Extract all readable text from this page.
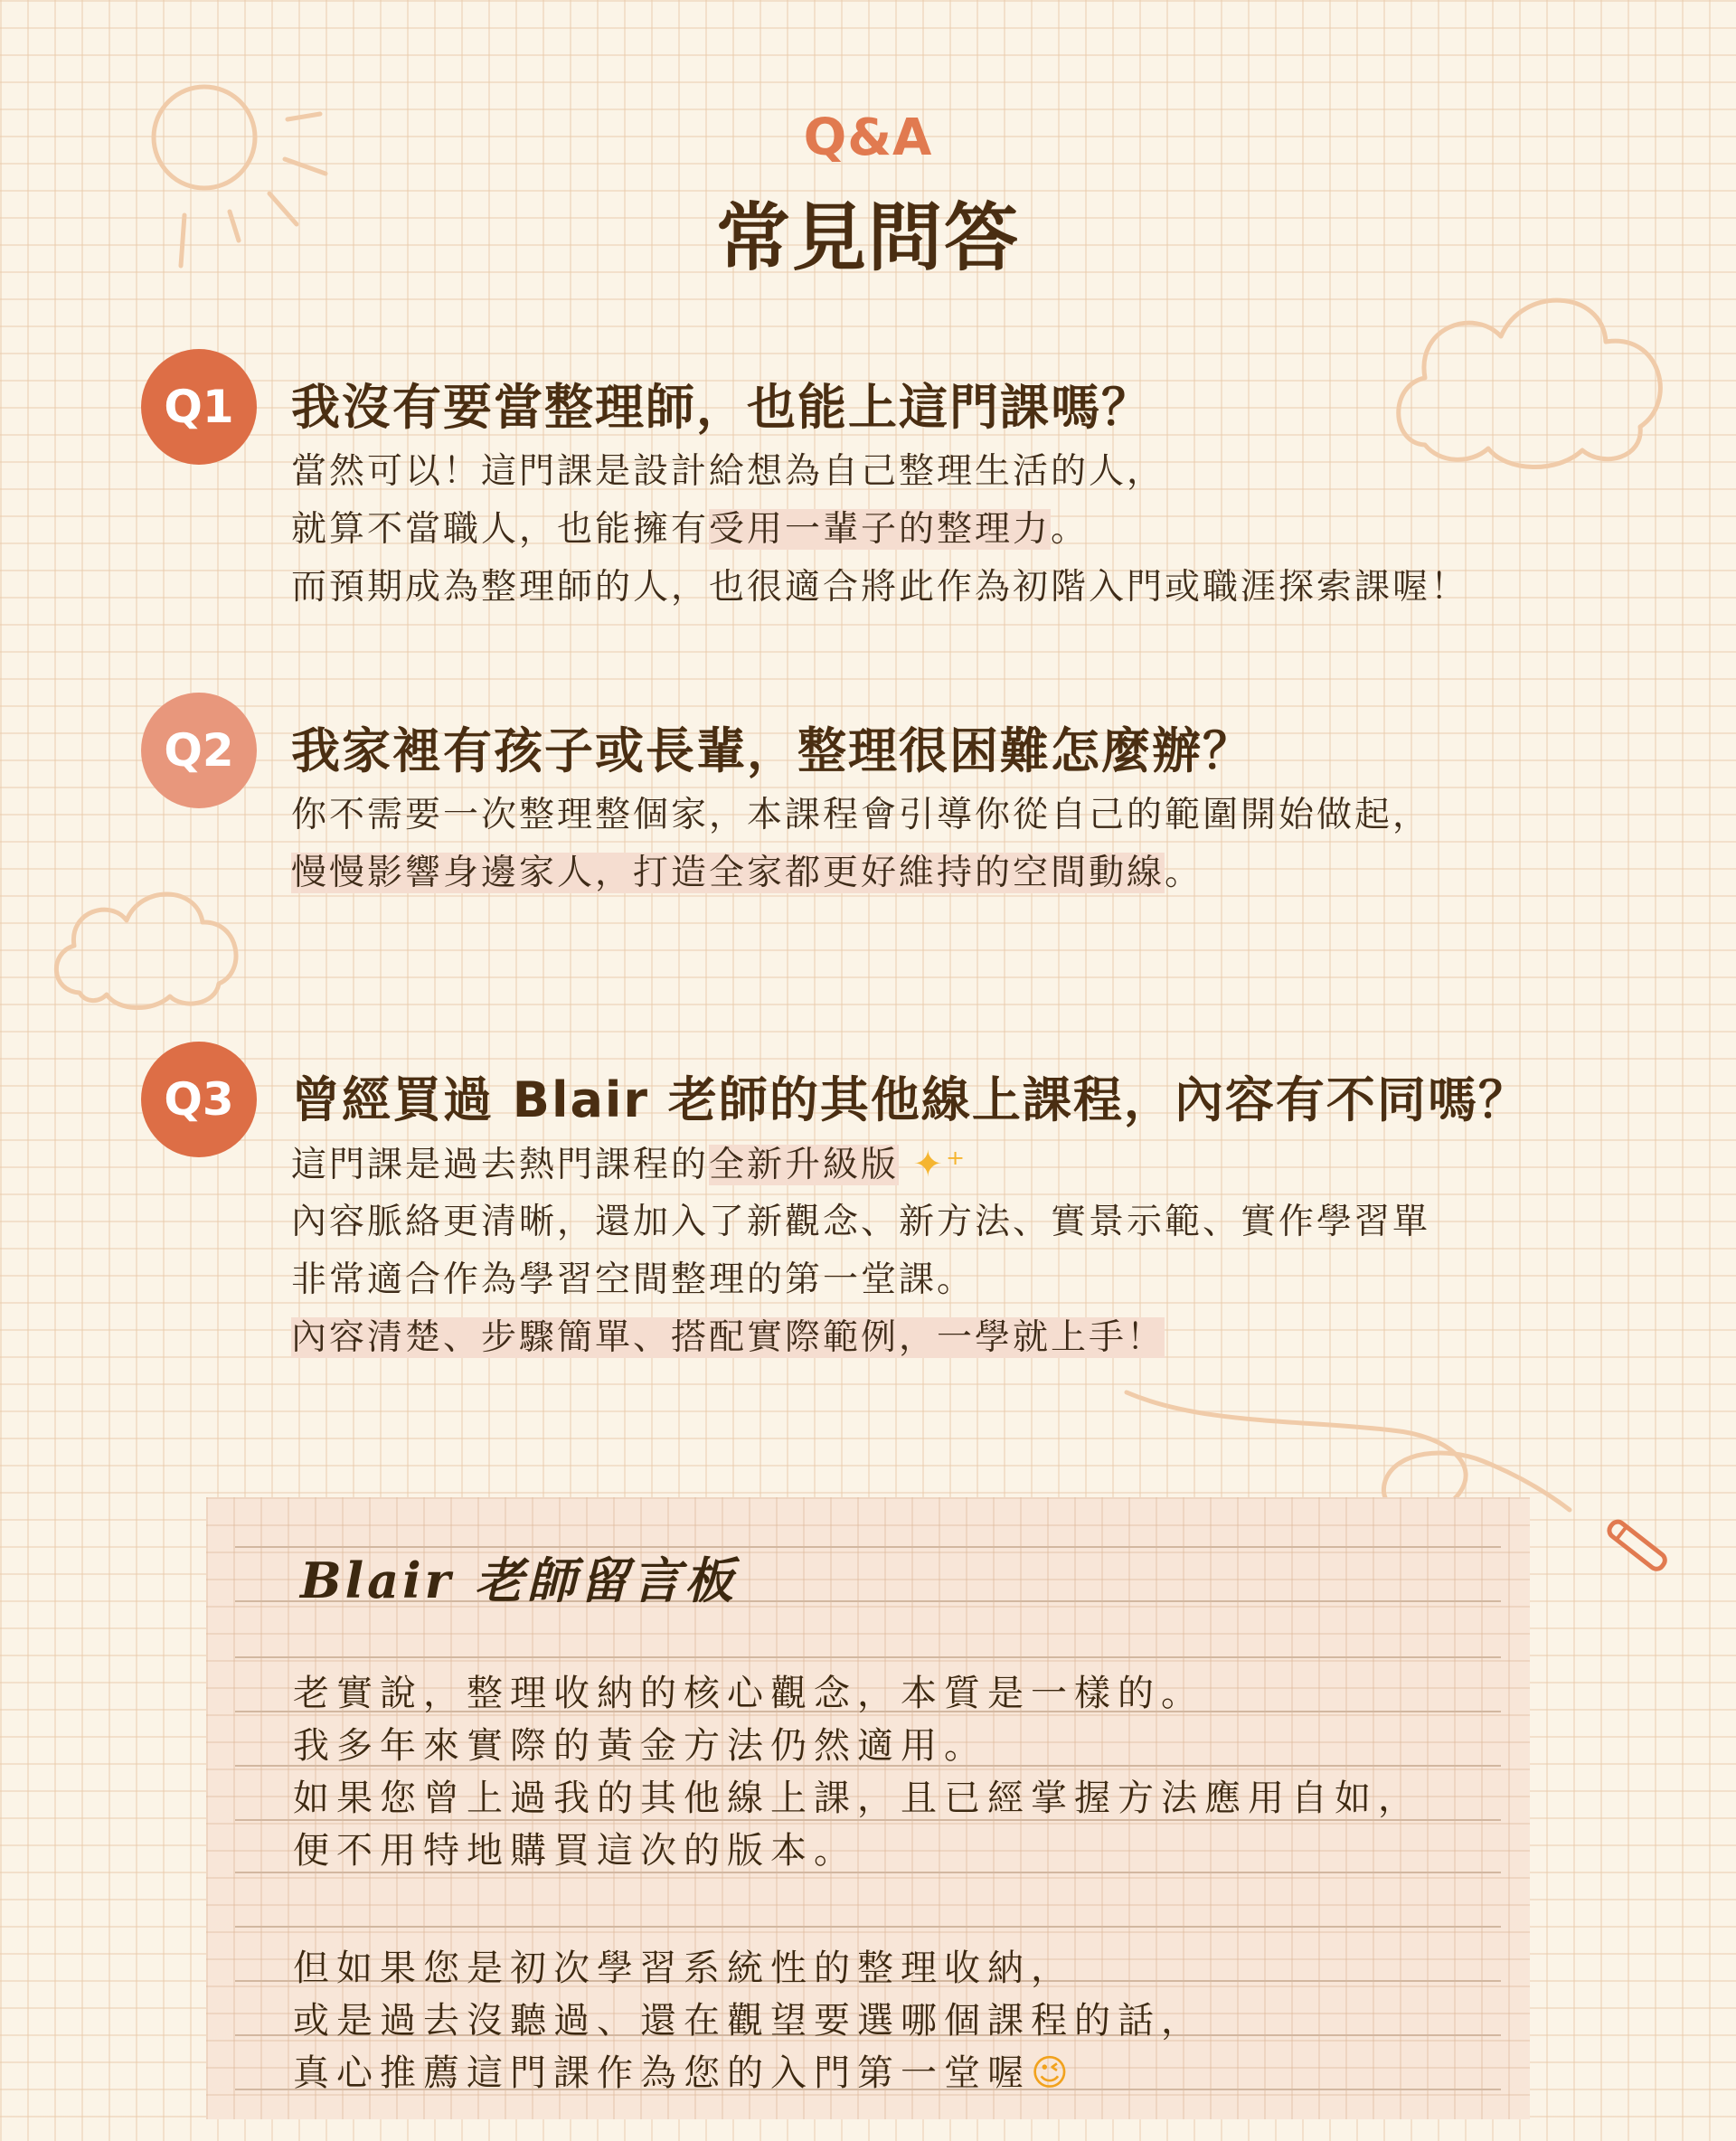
Q&A
常見問答
Q1	我沒有要當整理師，也能上這門課嗎？
當然可以！這門課是設計給想為自己整理生活的人，
就算不當職人，也能擁有受用一輩子的整理力。
而預期成為整理師的人，也很適合將此作為初階入門或職涯探索課喔！
Q2	我家裡有孩子或長輩，整理很困難怎麼辦？
你不需要一次整理整個家，本課程會引導你從自己的範圍開始做起，
慢慢影響身邊家人，打造全家都更好維持的空間動線。
Q3	曾經買過 Blair 老師的其他線上課程，內容有不同嗎？
這門課是過去熱門課程的全新升級版 ✦⁺
內容脈絡更清晰，還加入了新觀念、新方法、實景示範、實作學習單
非常適合作為學習空間整理的第一堂課。
內容清楚、步驟簡單、搭配實際範例，一學就上手！
Blair 老師留言板
老實說，整理收納的核心觀念，本質是一樣的。
我多年來實際的黃金方法仍然適用。
如果您曾上過我的其他線上課，且已經掌握方法應用自如，
便不用特地購買這次的版本。
但如果您是初次學習系統性的整理收納，
或是過去沒聽過、還在觀望要選哪個課程的話，
真心推薦這門課作為您的入門第一堂喔😉
